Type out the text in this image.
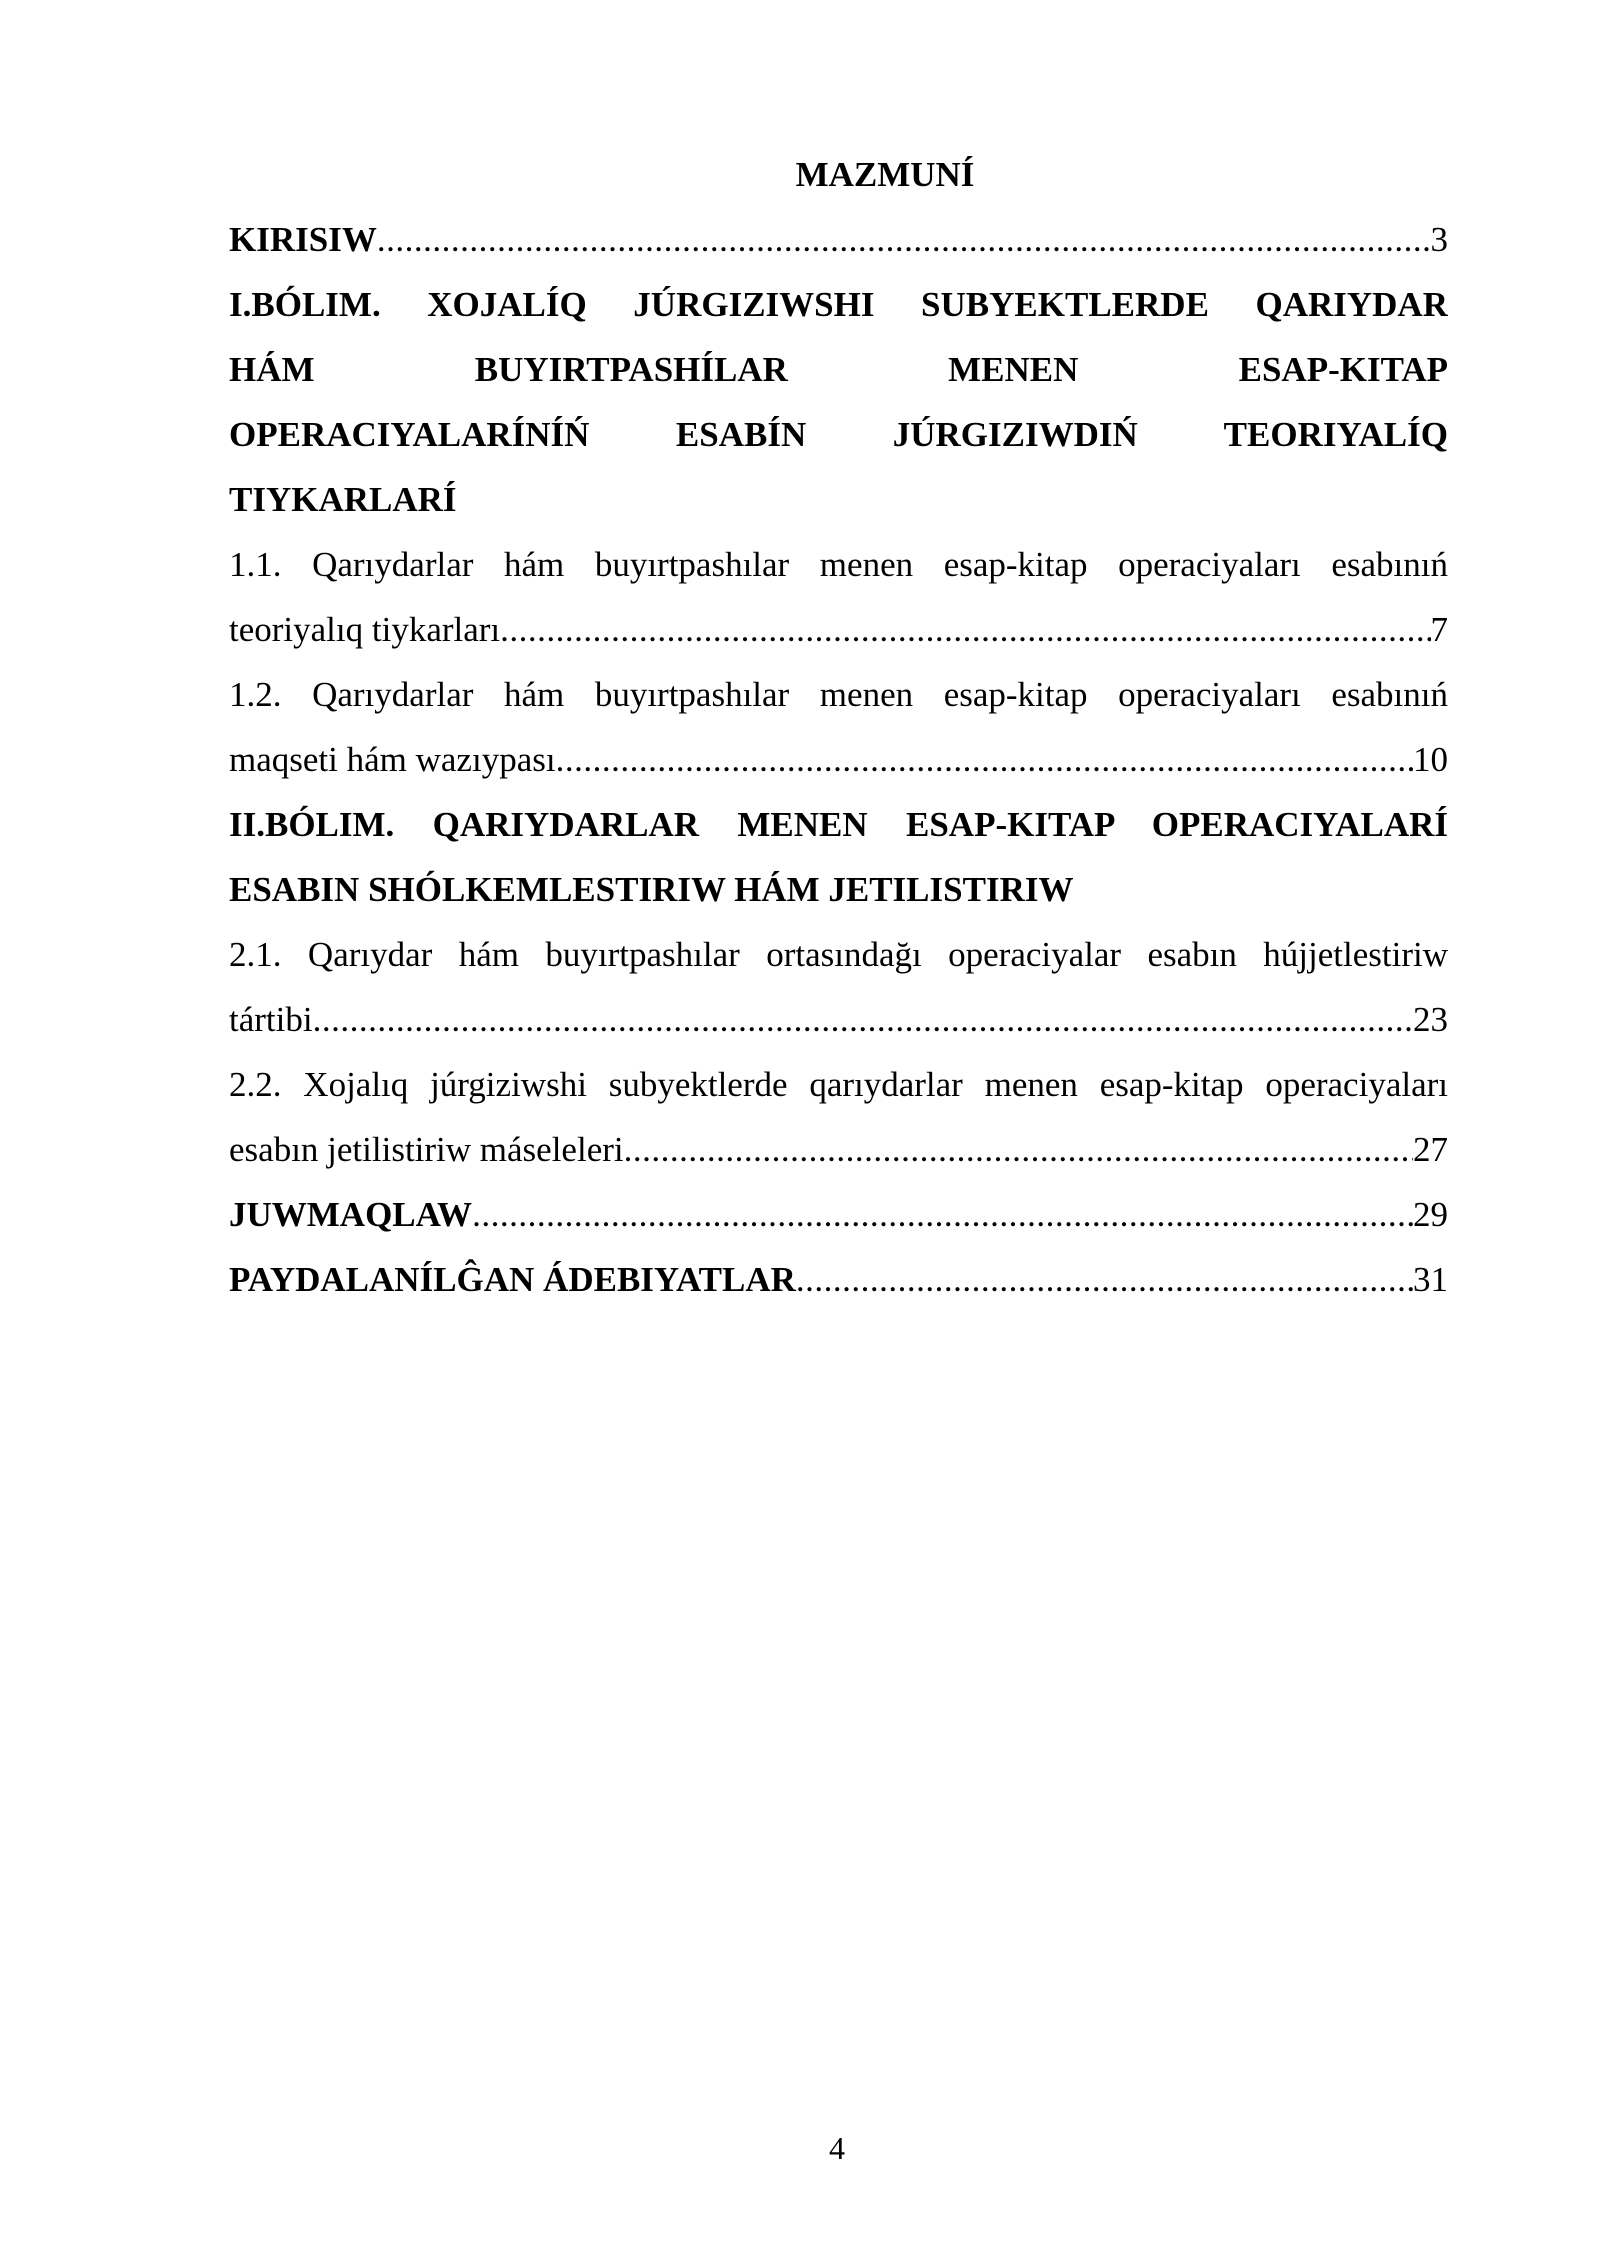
MAZMUNÍ
KIRISIW .....	3
I.BÓLIM. XOJALÍQ JÚRGIZIWSHI SUBYEKTLERDE QARIYDAR
HÁM BUYIRTPASHÍLAR MENEN ESAP-KITAP
OPERACIYALARÍNÍŃ ESABÍN JÚRGIZIWDIŃ TEORIYALÍQ
TIYKARLARÍ
1.1. Qarıydarlar hám buyırtpashılar menen esap-kitap operaciyaları esabınıń
teoriyalıq tiykarları .....	7
1.2. Qarıydarlar hám buyırtpashılar menen esap-kitap operaciyaları esabınıń
maqseti hám wazıypası .....	10
II.BÓLIM. QARIYDARLAR MENEN ESAP-KITAP OPERACIYALARÍ
ESABIN SHÓLKEMLESTIRIW HÁM JETILISTIRIW
2.1. Qarıydar hám buyırtpashılar ortasındağı operaciyalar esabın hújjetlestiriw
tártibi .....	23
2.2. Xojalıq júrgiziwshi subyektlerde qarıydarlar menen esap-kitap operaciyaları
esabın jetilistiriw máseleleri .....	27
JUWMAQLAW .....	29
PAYDALANÍLĜAN ÁDEBIYATLAR .....	31
4
